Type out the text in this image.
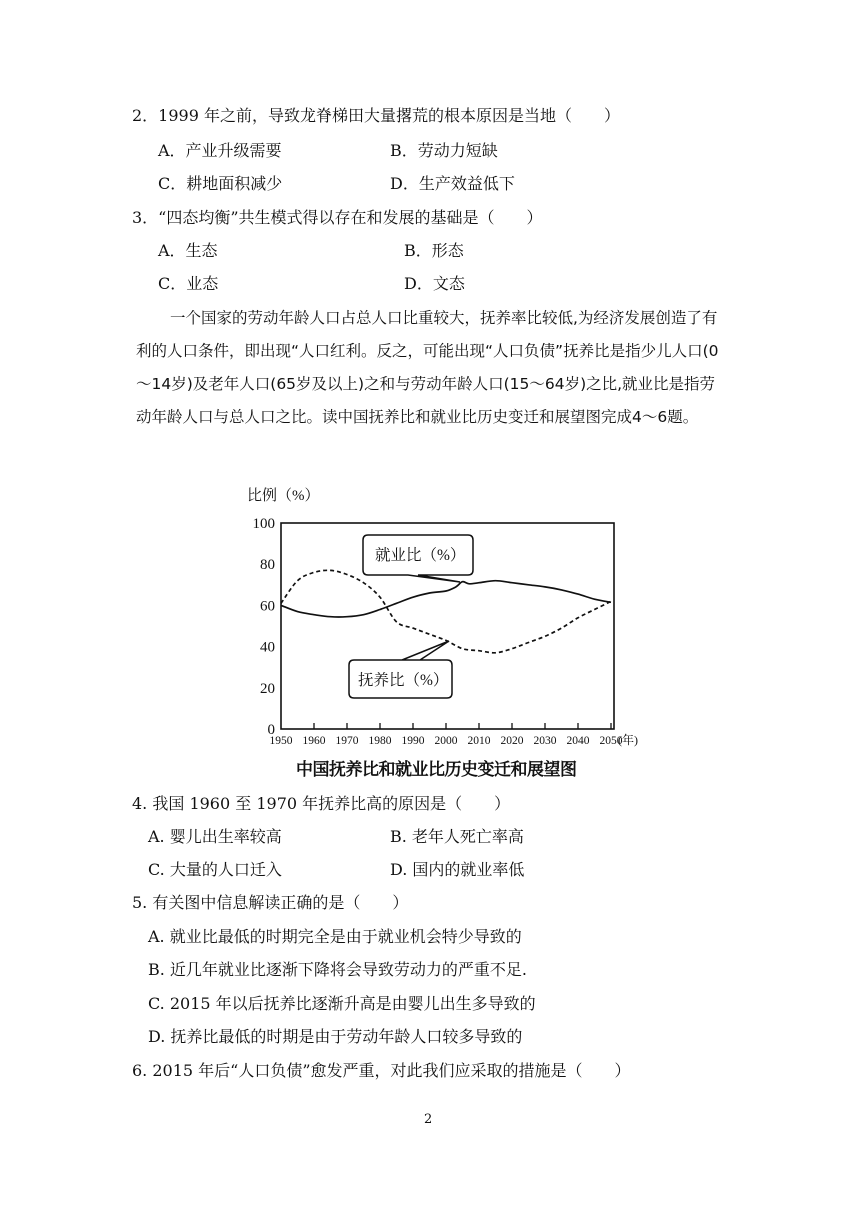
2．1999 年之前，导致龙脊梯田大量撂荒的根本原因是当地（　　）
A．产业升级需要	B．劳动力短缺
C．耕地面积减少	D．生产效益低下
3．“四态均衡”共生模式得以存在和发展的基础是（　　）
A．生态	B．形态
C．业态	D．文态
一个国家的劳动年龄人口占总人口比重较大，抚养率比较低,为经济发展创造了有利的人口条件，即出现“人口红利。反之，可能出现“人口负债”抚养比是指少儿人口(0～14岁)及老年人口(65岁及以上)之和与劳动年龄人口(15～64岁)之比,就业比是指劳动年龄人口与总人口之比。读中国抚养比和就业比历史变迁和展望图完成4～6题。
比例（%）
0
20
40
60
80
100
1950 1960 1970 1980 1990 2000 2010 2020 2030 2040 2050
(年)
就业比（%）
抚养比（%）
中国抚养比和就业比历史变迁和展望图
4. 我国 1960 至 1970 年抚养比高的原因是（　　）
A. 婴儿出生率较高	B. 老年人死亡率高
C. 大量的人口迁入	D. 国内的就业率低
5. 有关图中信息解读正确的是（　　）
A. 就业比最低的时期完全是由于就业机会特少导致的
B. 近几年就业比逐渐下降将会导致劳动力的严重不足.
C. 2015 年以后抚养比逐渐升高是由婴儿出生多导致的
D. 抚养比最低的时期是由于劳动年龄人口较多导致的
6. 2015 年后“人口负债”愈发严重，对此我们应采取的措施是（　　）
2
